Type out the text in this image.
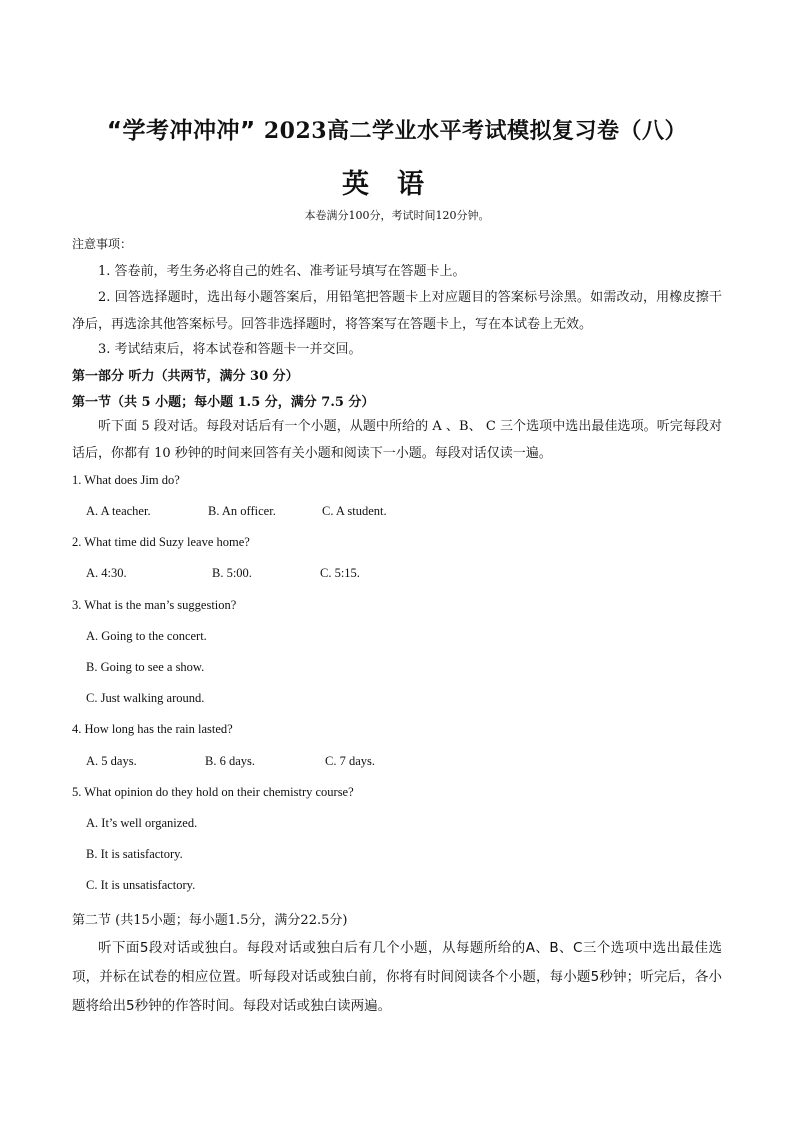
“学考冲冲冲” 2023高二学业水平考试模拟复习卷（八）
英语
本卷满分100分，考试时间120分钟。
注意事项：
1. 答卷前，考生务必将自己的姓名、准考证号填写在答题卡上。
2. 回答选择题时，选出每小题答案后，用铅笔把答题卡上对应题目的答案标号涂黑。如需改动，用橡皮擦干净后，再选涂其他答案标号。回答非选择题时，将答案写在答题卡上，写在本试卷上无效。
3. 考试结束后，将本试卷和答题卡一并交回。
第一部分 听力（共两节，满分 30 分）
第一节（共 5 小题；每小题 1.5 分，满分 7.5 分）
听下面 5 段对话。每段对话后有一个小题，从题中所给的 A 、B、 C 三个选项中选出最佳选项。听完每段对话后，你都有 10 秒钟的时间来回答有关小题和阅读下一小题。每段对话仅读一遍。
1. What does Jim do?
A. A teacher.	B. An officer.	C. A student.
2. What time did Suzy leave home?
A. 4:30.	B. 5:00.	C. 5:15.
3. What is the man’s suggestion?
A. Going to the concert.
B. Going to see a show.
C. Just walking around.
4. How long has the rain lasted?
A. 5 days.	B. 6 days.	C. 7 days.
5. What opinion do they hold on their chemistry course?
A. It’s well organized.
B. It is satisfactory.
C. It is unsatisfactory.
第二节 (共15小题；每小题1.5分，满分22.5分)
听下面5段对话或独白。每段对话或独白后有几个小题，从每题所给的A、B、C三个选项中选出最佳选项，并标在试卷的相应位置。听每段对话或独白前，你将有时间阅读各个小题，每小题5秒钟；听完后，各小题将给出5秒钟的作答时间。每段对话或独白读两遍。
